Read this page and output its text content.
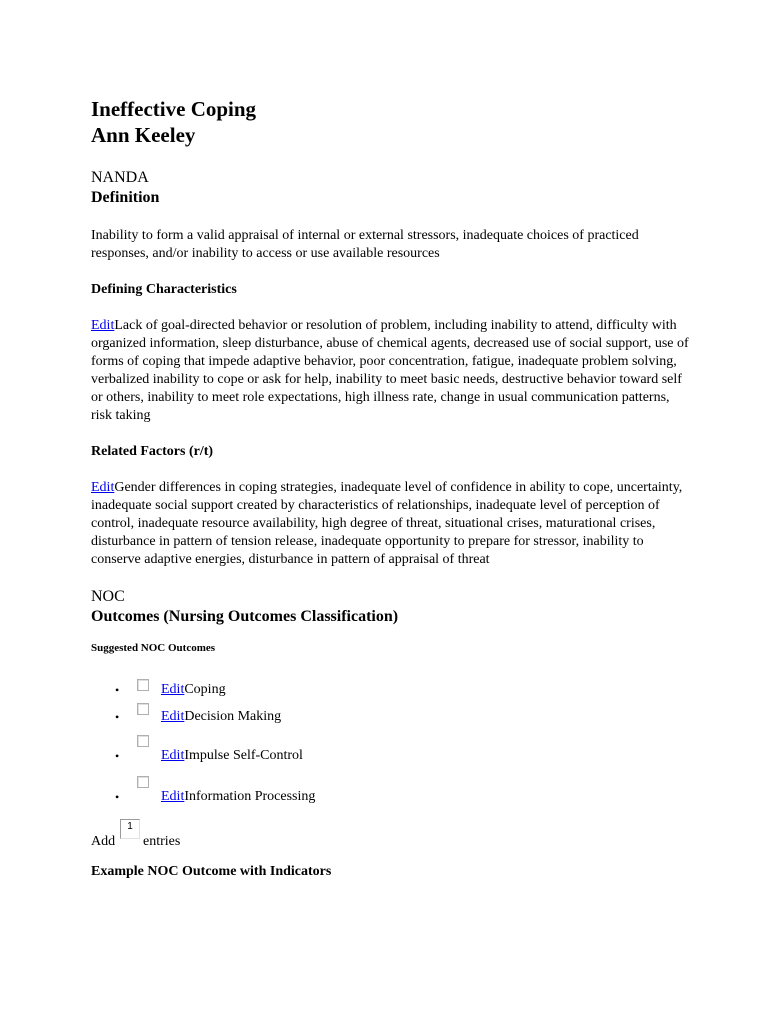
Ineffective Coping
Ann Keeley
NANDA
Definition

Inability to form a valid appraisal of internal or external stressors, inadequate choices of practiced responses, and/or inability to access or use available resources

Defining Characteristics

EditLack of goal-directed behavior or resolution of problem, including inability to attend, difficulty with organized information, sleep disturbance, abuse of chemical agents, decreased use of social support, use of forms of coping that impede adaptive behavior, poor concentration, fatigue, inadequate problem solving, verbalized inability to cope or ask for help, inability to meet basic needs, destructive behavior toward self or others, inability to meet role expectations, high illness rate, change in usual communication patterns, risk taking

Related Factors (r/t)

EditGender differences in coping strategies, inadequate level of confidence in ability to cope, uncertainty, inadequate social support created by characteristics of relationships, inadequate level of perception of control, inadequate resource availability, high degree of threat, situational crises, maturational crises, disturbance in pattern of tension release, inadequate opportunity to prepare for stressor, inability to conserve adaptive energies, disturbance in pattern of appraisal of threat

NOC
Outcomes (Nursing Outcomes Classification)

Suggested NOC Outcomes

•	EditCoping
•	EditDecision Making
•	EditImpulse Self-Control
•	EditInformation Processing
Add
1
entries

Example NOC Outcome with Indicators
